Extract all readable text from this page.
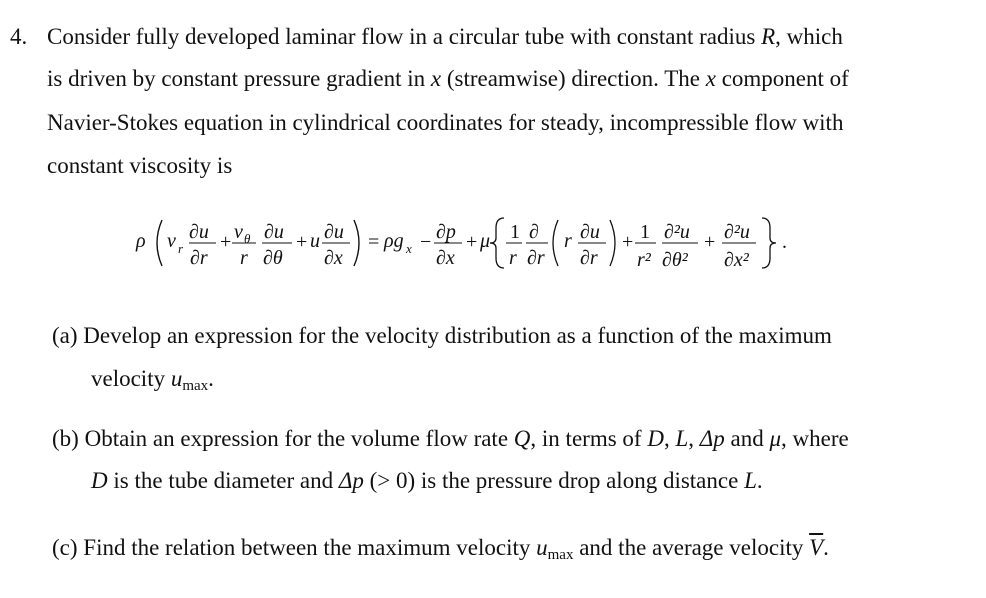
4. Consider fully developed laminar flow in a circular tube with constant radius R, which
is driven by constant pressure gradient in x (streamwise) direction. The x component of
Navier-Stokes equation in cylindrical coordinates for steady, incompressible flow with
constant viscosity is
ρ v r
∂u
∂r
+ v θ
r
∂u
∂θ
+ u ∂u
∂x
= ρg x − ∂p
∂x
+ μ 1
r
∂
∂r
r ∂u
∂r
+ 1
r²
∂²u
∂θ²
+ ∂²u
∂x²
.
(a) Develop an expression for the velocity distribution as a function of the maximum
velocity umax.
(b) Obtain an expression for the volume flow rate Q, in terms of D, L, Δp and μ, where
D is the tube diameter and Δp (> 0) is the pressure drop along distance L.
(c) Find the relation between the maximum velocity umax and the average velocity $\overline{V}$.
